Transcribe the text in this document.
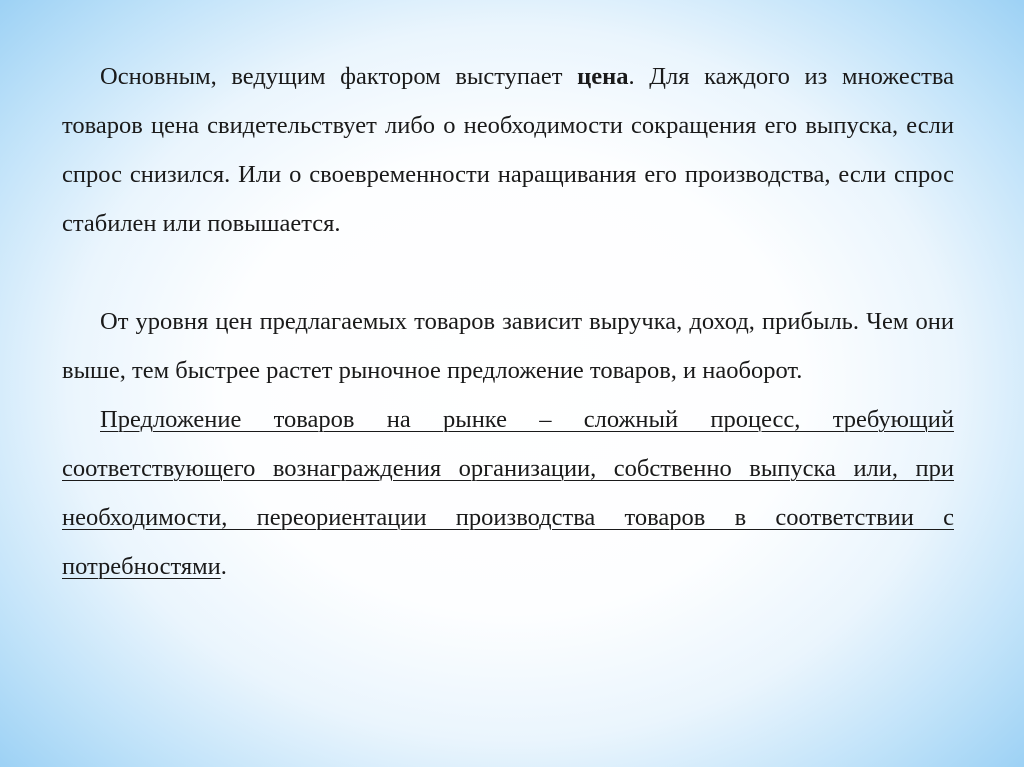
Основным, ведущим фактором выступает цена. Для каждого из множества товаров цена свидетельствует либо о необходимости сокращения его выпуска, если спрос снизился. Или о своевременности наращивания его производства, если спрос стабилен или повышается.

От уровня цен предлагаемых товаров зависит выручка, доход, прибыль. Чем они выше, тем быстрее растет рыночное предложение товаров, и наоборот.

Предложение товаров на рынке – сложный процесс, требующий соответствующего вознаграждения организации, собственно выпуска или, при необходимости, переориентации производства товаров в соответствии с потребностями.
